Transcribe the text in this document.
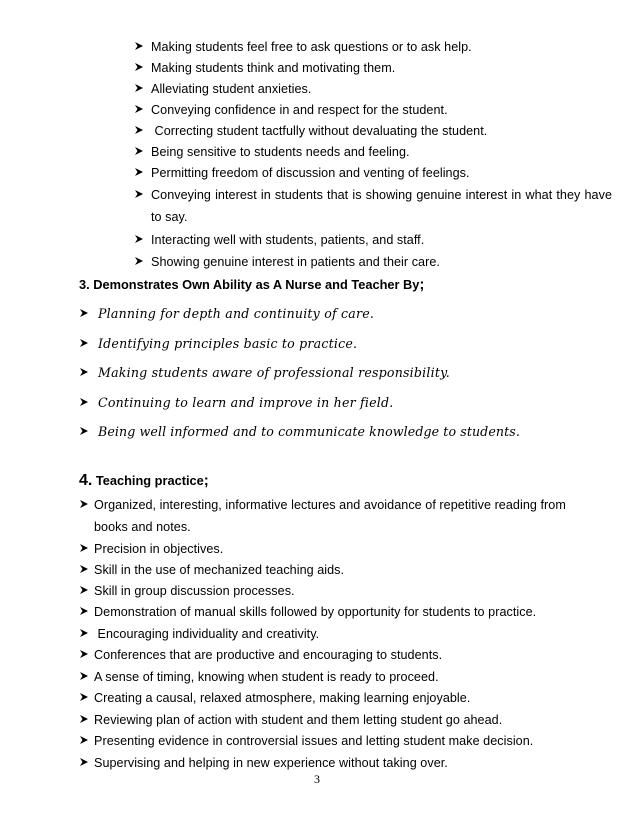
Making students feel free to ask questions or to ask help.
Making students think and motivating them.
Alleviating student anxieties.
Conveying confidence in and respect for the student.
Correcting student tactfully without devaluating the student.
Being sensitive to students needs and feeling.
Permitting freedom of discussion and venting of feelings.
Conveying interest in students that is showing genuine interest in what they have to say.
Interacting well with students, patients, and staff.
Showing genuine interest in patients and their care.
3. Demonstrates Own Ability as A Nurse and Teacher By;
Planning for depth and continuity of care.
Identifying principles basic to practice.
Making students aware of professional responsibility.
Continuing to learn and improve in her field.
Being well informed and to communicate knowledge to students.
4. Teaching practice;
Organized, interesting, informative lectures and avoidance of repetitive reading from books and notes.
Precision in objectives.
Skill in the use of mechanized teaching aids.
Skill in group discussion processes.
Demonstration of manual skills followed by opportunity for students to practice.
Encouraging individuality and creativity.
Conferences that are productive and encouraging to students.
A sense of timing, knowing when student is ready to proceed.
Creating a causal, relaxed atmosphere, making learning enjoyable.
Reviewing plan of action with student and them letting student go ahead.
Presenting evidence in controversial issues and letting student make decision.
Supervising and helping in new experience without taking over.
3
